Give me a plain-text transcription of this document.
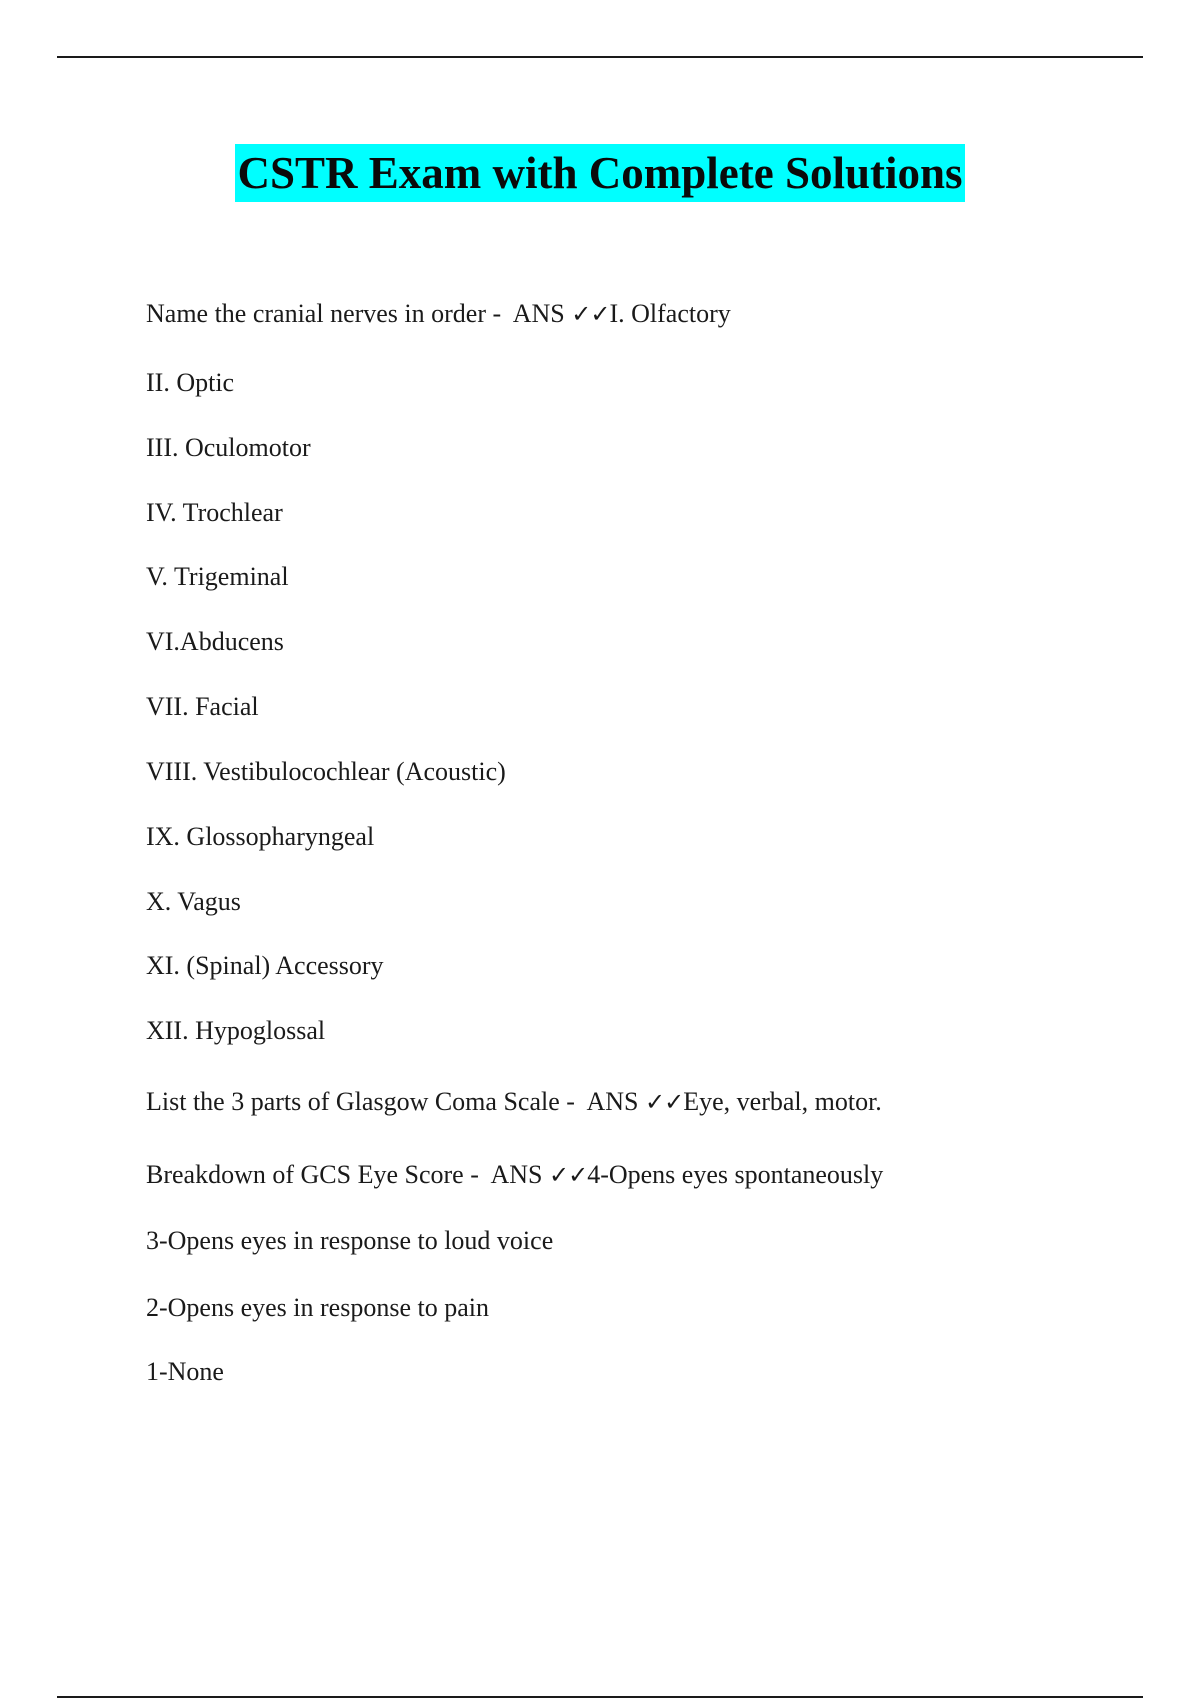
CSTR Exam with Complete Solutions
Name the cranial nerves in order - ANS ✓✓I. Olfactory
II. Optic
III. Oculomotor
IV. Trochlear
V. Trigeminal
VI.Abducens
VII. Facial
VIII. Vestibulocochlear (Acoustic)
IX. Glossopharyngeal
X. Vagus
XI. (Spinal) Accessory
XII. Hypoglossal
List the 3 parts of Glasgow Coma Scale - ANS ✓✓Eye, verbal, motor.
Breakdown of GCS Eye Score - ANS ✓✓4-Opens eyes spontaneously
3-Opens eyes in response to loud voice
2-Opens eyes in response to pain
1-None
